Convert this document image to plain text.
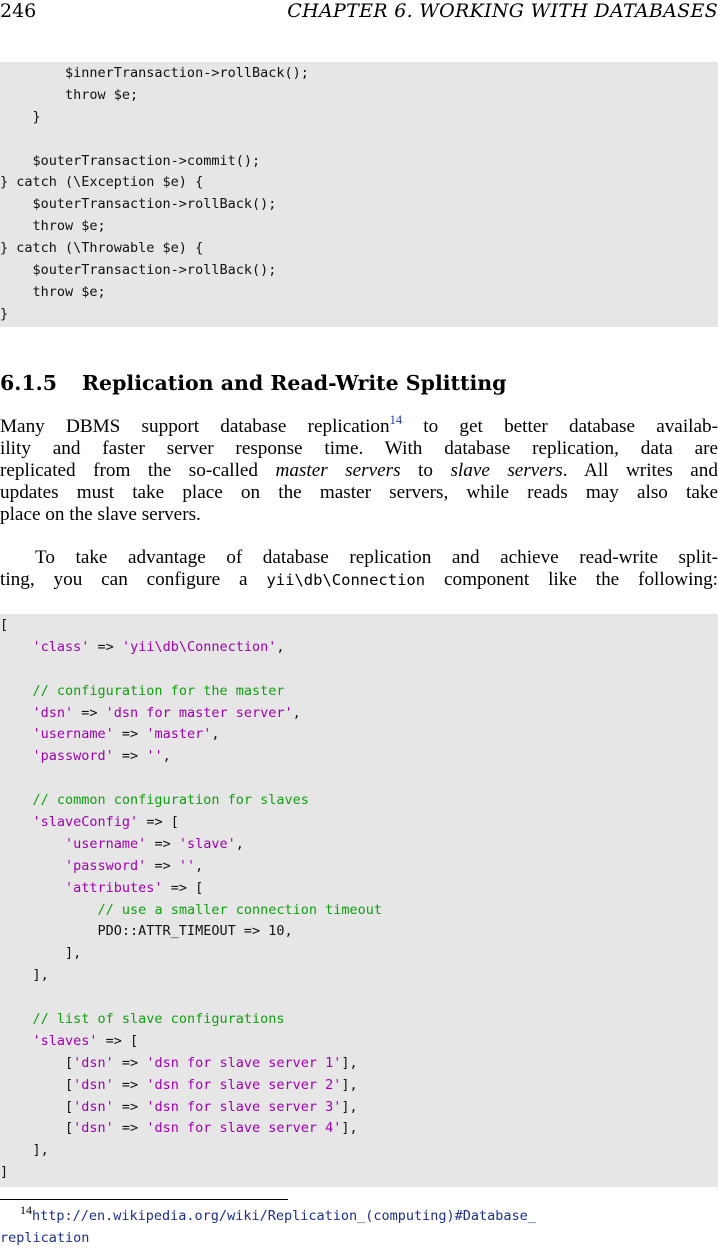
246	CHAPTER 6. WORKING WITH DATABASES
$innerTransaction->rollBack();
throw $e;
}
$outerTransaction->commit();
} catch (\Exception $e) {
$outerTransaction->rollBack();
throw $e;
} catch (\Throwable $e) {
$outerTransaction->rollBack();
throw $e;
}
6.1.5 Replication and Read-Write Splitting
Many DBMS support database replication$^{14}$ to get better database availab-
ility and faster server response time. With database replication, data are
replicated from the so-called master servers to slave servers. All writes and
updates must take place on the master servers, while reads may also take
place on the slave servers.
To take advantage of database replication and achieve read-write split-
ting, you can configure a yii\db\Connection component like the following:
[
'class' => 'yii\db\Connection',
// configuration for the master
'dsn' => 'dsn for master server',
'username' => 'master',
'password' => '',
// common configuration for slaves
'slaveConfig' => [
'username' => 'slave',
'password' => '',
'attributes' => [
// use a smaller connection timeout
PDO::ATTR_TIMEOUT => 10,
],
],
// list of slave configurations
'slaves' => [
['dsn' => 'dsn for slave server 1'],
['dsn' => 'dsn for slave server 2'],
['dsn' => 'dsn for slave server 3'],
['dsn' => 'dsn for slave server 4'],
],
]
14http://en.wikipedia.org/wiki/Replication_(computing)#Database_
replication
